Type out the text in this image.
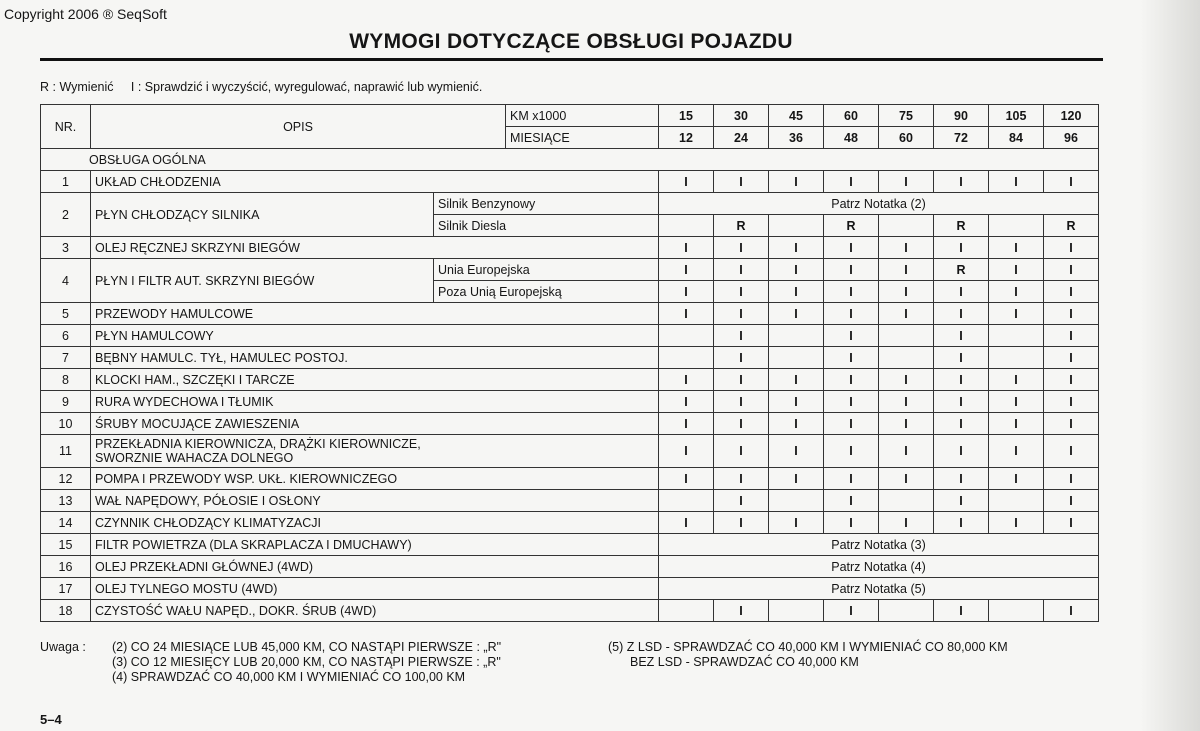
Copyright 2006 ® SeqSoft
WYMOGI DOTYCZĄCE OBSŁUGI POJAZDU
R : Wymienić I : Sprawdzić i wyczyścić, wyregulować, naprawić lub wymienić.
NR.	OPIS		KM x1000	15	30	45	60	75	90	105	120
			MIESIĄCE	12	24	36	48	60	72	84	96
OBSŁUGA OGÓLNA											
1	UKŁAD CHŁODZENIA			I	I	I	I	I	I	I	I
2	PŁYN CHŁODZĄCY SILNIKA	Silnik Benzynowy		Patrz Notatka (2)							
		Silnik Diesla			R		R		R		R
3	OLEJ RĘCZNEJ SKRZYNI BIEGÓW			I	I	I	I	I	I	I	I
4	PŁYN I FILTR AUT. SKRZYNI BIEGÓW	Unia Europejska		I	I	I	I	I	R	I	I
		Poza Unią Europejską		I	I	I	I	I	I	I	I
5	PRZEWODY HAMULCOWE			I	I	I	I	I	I	I	I
6	PŁYN HAMULCOWY				I		I		I		I
7	BĘBNY HAMULC. TYŁ, HAMULEC POSTOJ.				I		I		I		I
8	KLOCKI HAM., SZCZĘKI I TARCZE			I	I	I	I	I	I	I	I
9	RURA WYDECHOWA I TŁUMIK			I	I	I	I	I	I	I	I
10	ŚRUBY MOCUJĄCE ZAWIESZENIA			I	I	I	I	I	I	I	I
11	PRZEKŁADNIA KIEROWNICZA, DRĄŻKI KIEROWNICZE,
SWORZNIE WAHACZA DOLNEGO			I	I	I	I	I	I	I	I
12	POMPA I PRZEWODY WSP. UKŁ. KIEROWNICZEGO			I	I	I	I	I	I	I	I
13	WAŁ NAPĘDOWY, PÓŁOSIE I OSŁONY				I		I		I		I
14	CZYNNIK CHŁODZĄCY KLIMATYZACJI			I	I	I	I	I	I	I	I
15	FILTR POWIETRZA (DLA SKRAPLACZA I DMUCHAWY)			Patrz Notatka (3)							
16	OLEJ PRZEKŁADNI GŁÓWNEJ (4WD)			Patrz Notatka (4)							
17	OLEJ TYLNEGO MOSTU (4WD)			Patrz Notatka (5)							
18	CZYSTOŚĆ WAŁU NAPĘD., DOKR. ŚRUB (4WD)				I		I		I		I
Uwaga : (2) CO 24 MIESIĄCE LUB 45,000 KM, CO NASTĄPI PIERWSZE : „R"
(3) CO 12 MIESIĘCY LUB 20,000 KM, CO NASTĄPI PIERWSZE : „R"
(4) SPRAWDZAĆ CO 40,000 KM I WYMIENIAĆ CO 100,00 KM
(5) Z LSD - SPRAWDZAĆ CO 40,000 KM I WYMIENIAĆ CO 80,000 KM
BEZ LSD - SPRAWDZAĆ CO 40,000 KM
5–4
